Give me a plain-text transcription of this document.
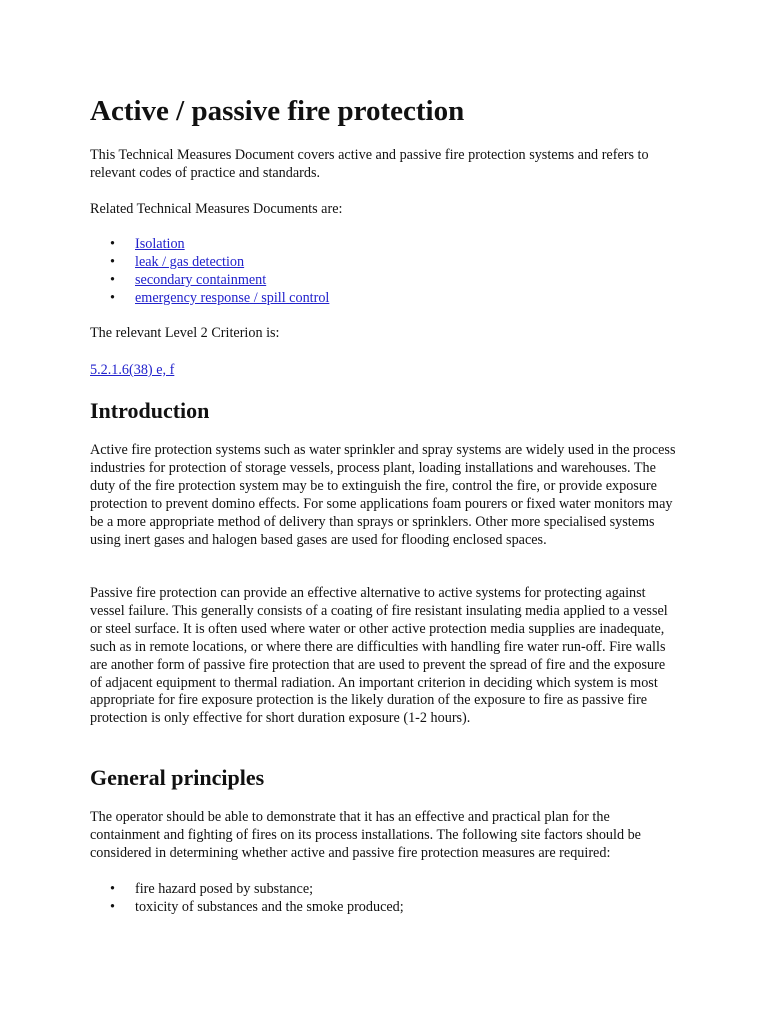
Active / passive fire protection

This Technical Measures Document covers active and passive fire protection systems and refers to relevant codes of practice and standards.

Related Technical Measures Documents are:

• Isolation
• leak / gas detection
• secondary containment
• emergency response / spill control

The relevant Level 2 Criterion is:

5.2.1.6(38) e, f

Introduction

Active fire protection systems such as water sprinkler and spray systems are widely used in the process industries for protection of storage vessels, process plant, loading installations and warehouses. The duty of the fire protection system may be to extinguish the fire, control the fire, or provide exposure protection to prevent domino effects. For some applications foam pourers or fixed water monitors may be a more appropriate method of delivery than sprays or sprinklers. Other more specialised systems using inert gases and halogen based gases are used for flooding enclosed spaces.

Passive fire protection can provide an effective alternative to active systems for protecting against vessel failure. This generally consists of a coating of fire resistant insulating media applied to a vessel or steel surface. It is often used where water or other active protection media supplies are inadequate, such as in remote locations, or where there are difficulties with handling fire water run-off. Fire walls are another form of passive fire protection that are used to prevent the spread of fire and the exposure of adjacent equipment to thermal radiation. An important criterion in deciding which system is most appropriate for fire exposure protection is the likely duration of the exposure to fire as passive fire protection is only effective for short duration exposure (1-2 hours).

General principles

The operator should be able to demonstrate that it has an effective and practical plan for the containment and fighting of fires on its process installations. The following site factors should be considered in determining whether active and passive fire protection measures are required:

• fire hazard posed by substance;
• toxicity of substances and the smoke produced;
